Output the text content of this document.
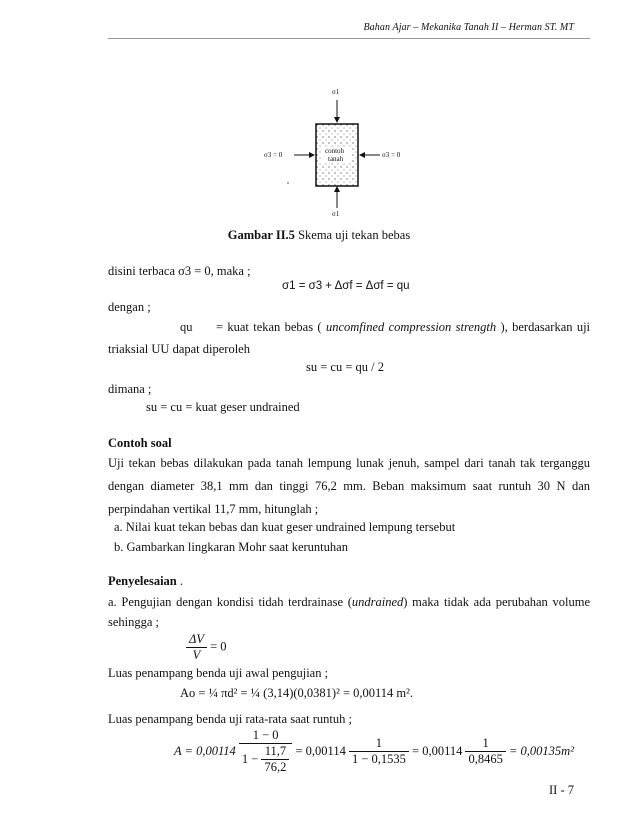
Bahan Ajar – Mekanika Tanah II – Herman ST. MT
σ1
σ1
σ3 = 0	σ3 = 0
contoh
tanah
Gambar II.5 Skema uji tekan bebas
disini terbaca σ3 = 0, maka ;
σ1 = σ3 + Δσf = Δσf = qu
dengan ;
qu = kuat tekan bebas ( uncomfined compression strength ), berdasarkan uji
triaksial UU dapat diperoleh
su = cu = qu / 2
dimana ;
su = cu = kuat geser undrained
Contoh soal
Uji tekan bebas dilakukan pada tanah lempung lunak jenuh, sampel dari tanah tak terganggu
dengan diameter 38,1 mm dan tinggi 76,2 mm. Beban maksimum saat runtuh 30 N dan
perpindahan vertikal 11,7 mm, hitunglah ;
a. Nilai kuat tekan bebas dan kuat geser undrained lempung tersebut
b. Gambarkan lingkaran Mohr saat keruntuhan
Penyelesaian .
a. Pengujian dengan kondisi tidah terdrainase (undrained) maka tidak ada perubahan volume
sehingga ;
$\frac{\Delta V}{V} = 0$
Luas penampang benda uji awal pengujian ;
Ao = ¼ πd² = ¼ (3,14)(0,0381)² = 0,00114 m².
Luas penampang benda uji rata-rata saat runtuh ;
$A = 0,00114 \frac{1 - 0}{1 - \frac{11,7}{76,2}} = 0,00114 \frac{1}{1 - 0,1535} = 0,00114 \frac{1}{0,8465} = 0,00135m^2$
II - 7
